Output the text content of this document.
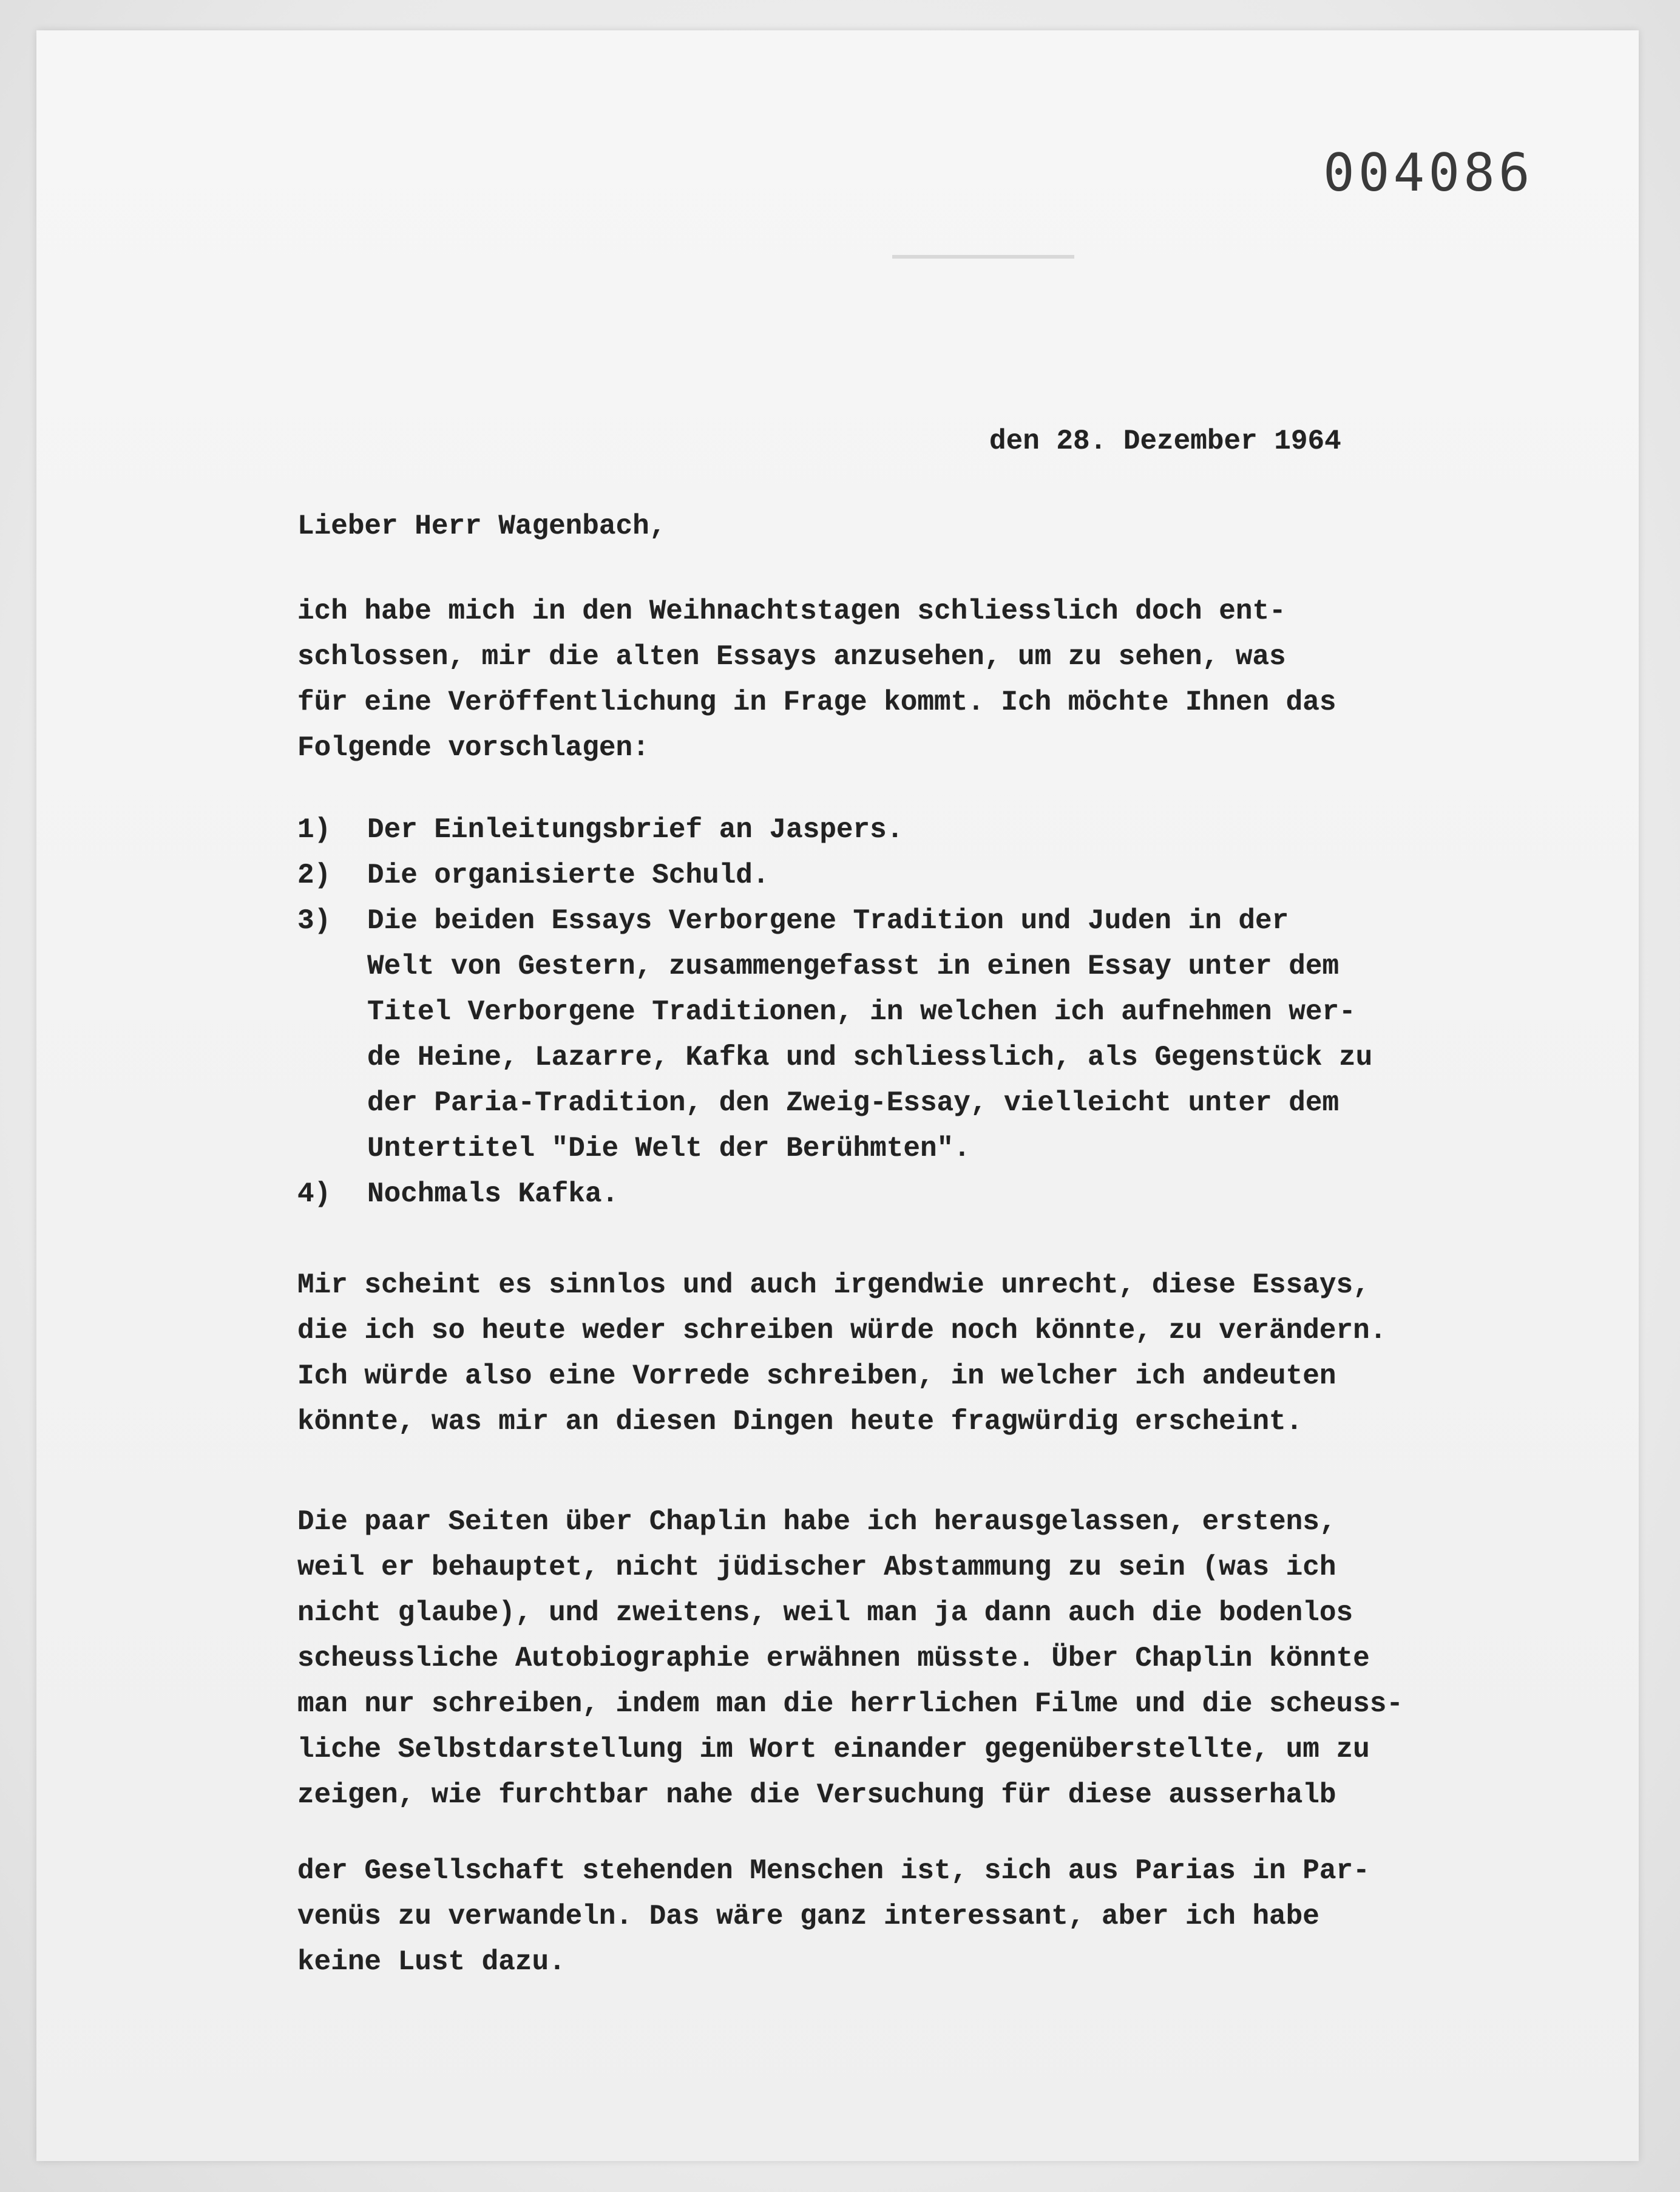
004086
den 28. Dezember 1964
Lieber Herr Wagenbach,
ich habe mich in den Weihnachtstagen schliesslich doch ent-
schlossen, mir die alten Essays anzusehen, um zu sehen, was
für eine Veröffentlichung in Frage kommt. Ich möchte Ihnen das
Folgende vorschlagen:
1) Der Einleitungsbrief an Jaspers.
2) Die organisierte Schuld.
3) Die beiden Essays Verborgene Tradition und Juden in der
Welt von Gestern, zusammengefasst in einen Essay unter dem
Titel Verborgene Traditionen, in welchen ich aufnehmen wer-
de Heine, Lazarre, Kafka und schliesslich, als Gegenstück zu
der Paria-Tradition, den Zweig-Essay, vielleicht unter dem
Untertitel "Die Welt der Berühmten".
4) Nochmals Kafka.
Mir scheint es sinnlos und auch irgendwie unrecht, diese Essays,
die ich so heute weder schreiben würde noch könnte, zu verändern.
Ich würde also eine Vorrede schreiben, in welcher ich andeuten
könnte, was mir an diesen Dingen heute fragwürdig erscheint.
Die paar Seiten über Chaplin habe ich herausgelassen, erstens,
weil er behauptet, nicht jüdischer Abstammung zu sein (was ich
nicht glaube), und zweitens, weil man ja dann auch die bodenlos
scheussliche Autobiographie erwähnen müsste. Über Chaplin könnte
man nur schreiben, indem man die herrlichen Filme und die scheuss-
liche Selbstdarstellung im Wort einander gegenüberstellte, um zu
zeigen, wie furchtbar nahe die Versuchung für diese ausserhalb
der Gesellschaft stehenden Menschen ist, sich aus Parias in Par-
venüs zu verwandeln. Das wäre ganz interessant, aber ich habe
keine Lust dazu.
